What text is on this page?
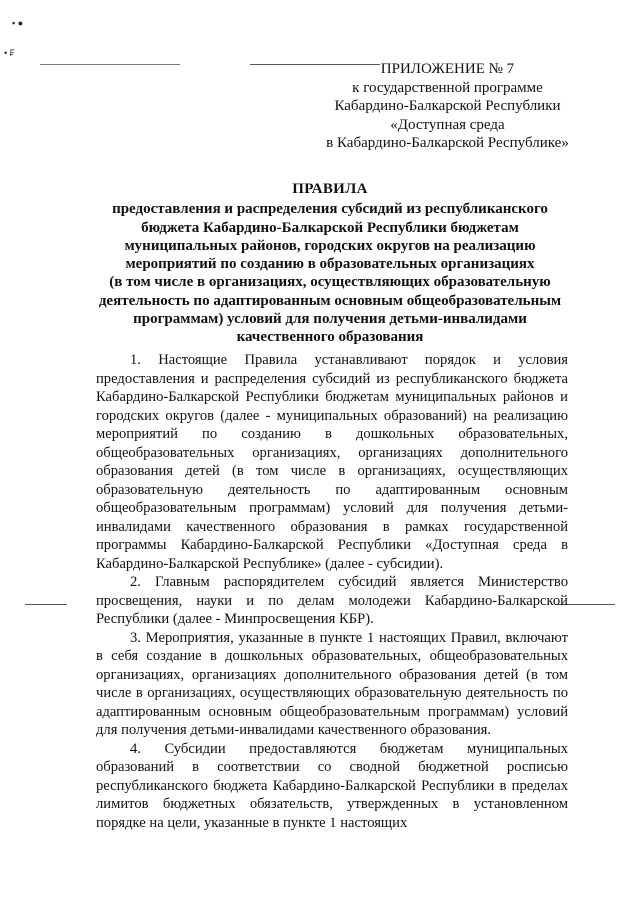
▪ ●
• ₣
ПРИЛОЖЕНИЕ № 7
к государственной программе
Кабардино-Балкарской Республики
«Доступная среда
в Кабардино-Балкарской Республике»
ПРАВИЛА
предоставления и распределения субсидий из республиканского
бюджета Кабардино-Балкарской Республики бюджетам
муниципальных районов, городских округов на реализацию
мероприятий по созданию в образовательных организациях
(в том числе в организациях, осуществляющих образовательную
деятельность по адаптированным основным общеобразовательным
программам) условий для получения детьми-инвалидами
качественного образования

1. Настоящие Правила устанавливают порядок и условия предоставления и распределения субсидий из республиканского бюджета Кабардино-Балкарской Республики бюджетам муниципальных районов и городских округов (далее - муниципальных образований) на реализацию мероприятий по созданию в дошкольных образовательных, общеобразовательных организациях, организациях дополнительного образования детей (в том числе в организациях, осуществляющих образовательную деятельность по адаптированным основным общеобразовательным программам) условий для получения детьми-инвалидами качественного образования в рамках государственной программы Кабардино-Балкарской Республики «Доступная среда в Кабардино-Балкарской Республике» (далее - субсидии).

2. Главным распорядителем субсидий является Министерство просвещения, науки и по делам молодежи Кабардино-Балкарской Республики (далее - Минпросвещения КБР).

3. Мероприятия, указанные в пункте 1 настоящих Правил, включают в себя создание в дошкольных образовательных, общеобразовательных организациях, организациях дополнительного образования детей (в том числе в организациях, осуществляющих образовательную деятельность по адаптированным основным общеобразовательным программам) условий для получения детьми-инвалидами качественного образования.

4. Субсидии предоставляются бюджетам муниципальных образований в соответствии со сводной бюджетной росписью республиканского бюджета Кабардино-Балкарской Республики в пределах лимитов бюджетных обязательств, утвержденных в установленном порядке на цели, указанные в пункте 1 настоящих
